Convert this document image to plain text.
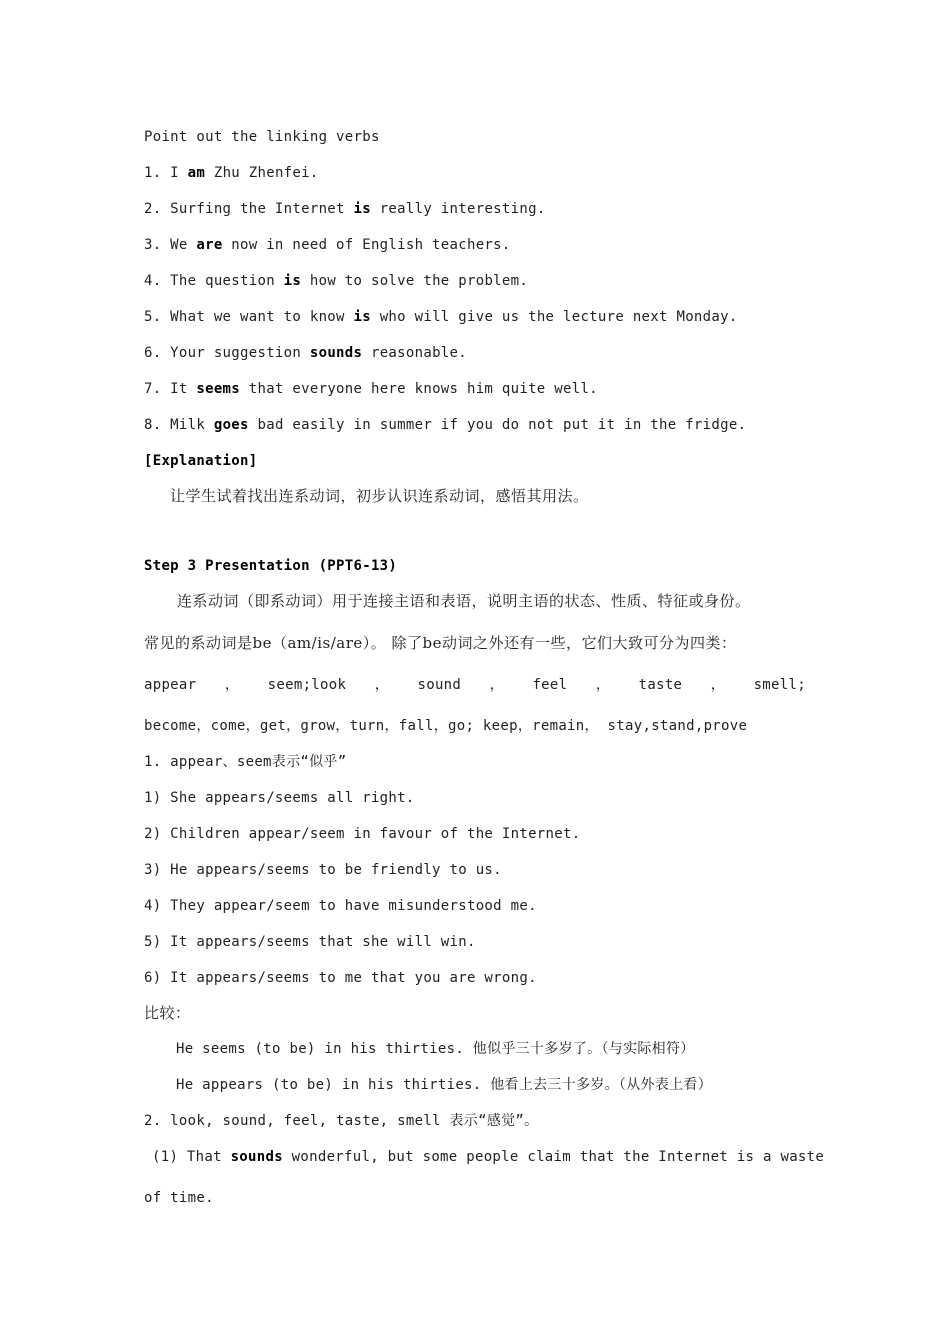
Point out the linking verbs
1. I am Zhu Zhenfei.
2. Surfing the Internet is really interesting.
3. We are now in need of English teachers.
4. The question is how to solve the problem.
5. What we want to know is who will give us the lecture next Monday.
6. Your suggestion sounds reasonable.
7. It seems that everyone here knows him quite well.
8. Milk goes bad easily in summer if you do not put it in the fridge.
[Explanation]
让学生试着找出连系动词，初步认识连系动词，感悟其用法。
Step 3 Presentation (PPT6-13)
连系动词（即系动词）用于连接主语和表语，说明主语的状态、性质、特征或身份。
常见的系动词是be（am/is/are）。 除了be动词之外还有一些，它们大致可分为四类：
appear ， seem;look ， sound ， feel ， taste ， smell;
become，come，get，grow，turn，fall，go; keep，remain， stay,stand,prove
1. appear、seem表示“似乎”
1) She appears/seems all right.
2) Children appear/seem in favour of the Internet.
3) He appears/seems to be friendly to us.
4) They appear/seem to have misunderstood me.
5) It appears/seems that she will win.
6) It appears/seems to me that you are wrong.
比较：
He seems (to be) in his thirties. 他似乎三十多岁了。（与实际相符）
He appears (to be) in his thirties. 他看上去三十多岁。（从外表上看）
2. look, sound, feel, taste, smell 表示“感觉”。
(1) That sounds wonderful, but some people claim that the Internet is a waste
of time.
